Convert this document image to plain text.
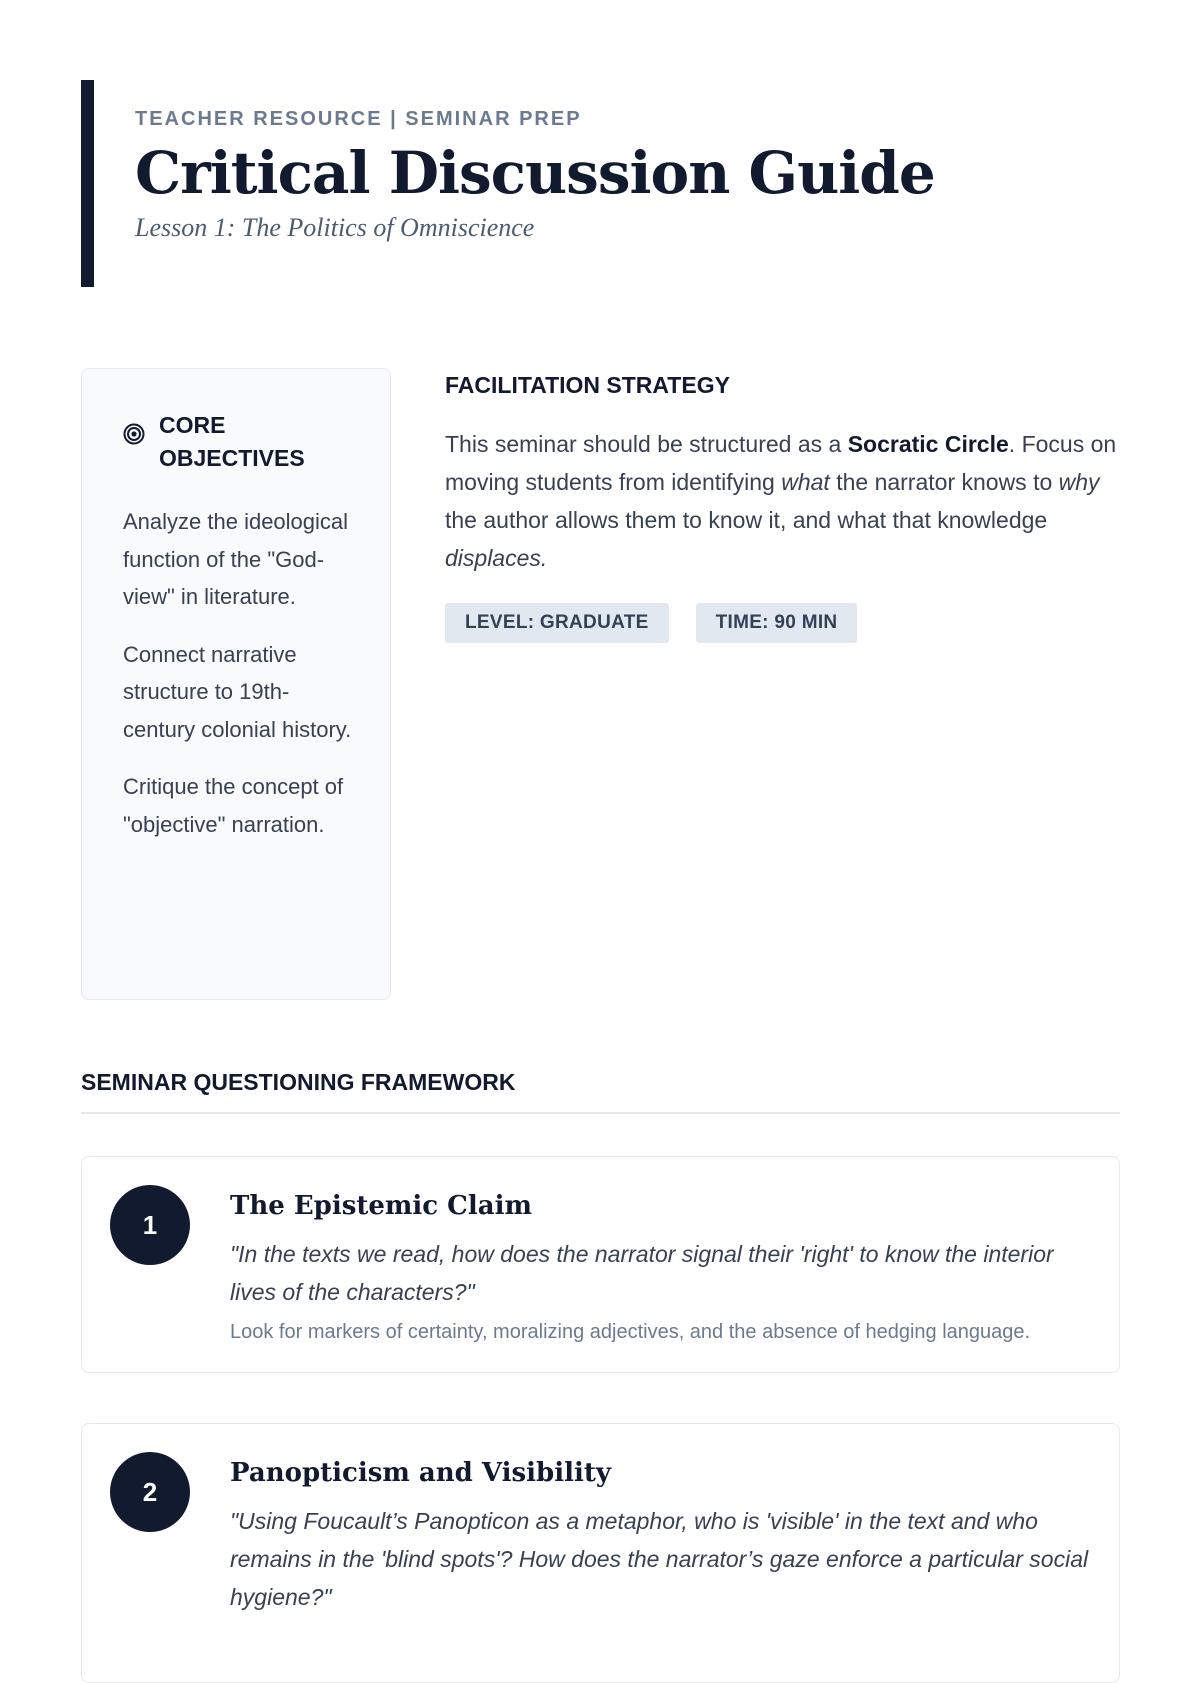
TEACHER RESOURCE | SEMINAR PREP
Critical Discussion Guide
Lesson 1: The Politics of Omniscience
CORE OBJECTIVES
Analyze the ideological function of the "God-view" in literature.
Connect narrative structure to 19th-century colonial history.
Critique the concept of "objective" narration.
FACILITATION STRATEGY
This seminar should be structured as a Socratic Circle. Focus on moving students from identifying what the narrator knows to why the author allows them to know it, and what that knowledge displaces.
LEVEL: GRADUATE	TIME: 90 MIN
SEMINAR QUESTIONING FRAMEWORK
1
The Epistemic Claim
"In the texts we read, how does the narrator signal their 'right' to know the interior lives of the characters?"
Look for markers of certainty, moralizing adjectives, and the absence of hedging language.
2
Panopticism and Visibility
"Using Foucault’s Panopticon as a metaphor, who is 'visible' in the text and who remains in the 'blind spots'? How does the narrator’s gaze enforce a particular social hygiene?"
